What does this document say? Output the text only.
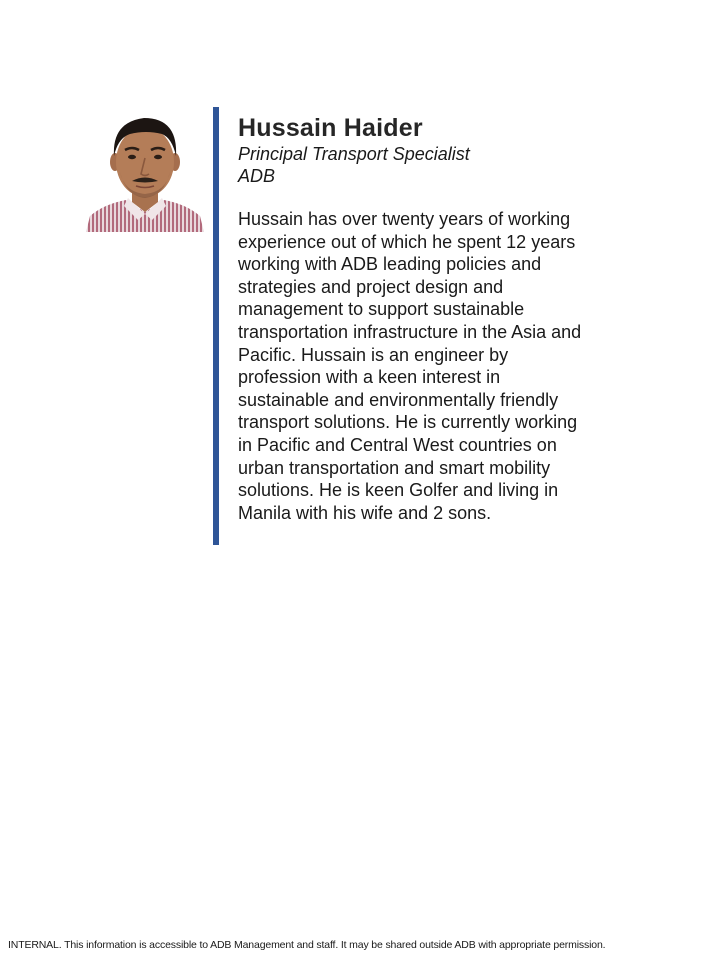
Hussain Haider
Principal Transport Specialist
ADB
Hussain has over twenty years of working experience out of which he spent 12 years working with ADB leading policies and strategies and project design and management to support sustainable transportation infrastructure in the Asia and Pacific. Hussain is an engineer by profession with a keen interest in sustainable and environmentally friendly transport solutions. He is currently working in Pacific and Central West countries on urban transportation and smart mobility solutions. He is keen Golfer and living in Manila with his wife and 2 sons.
INTERNAL. This information is accessible to ADB Management and staff. It may be shared outside ADB with appropriate permission.
